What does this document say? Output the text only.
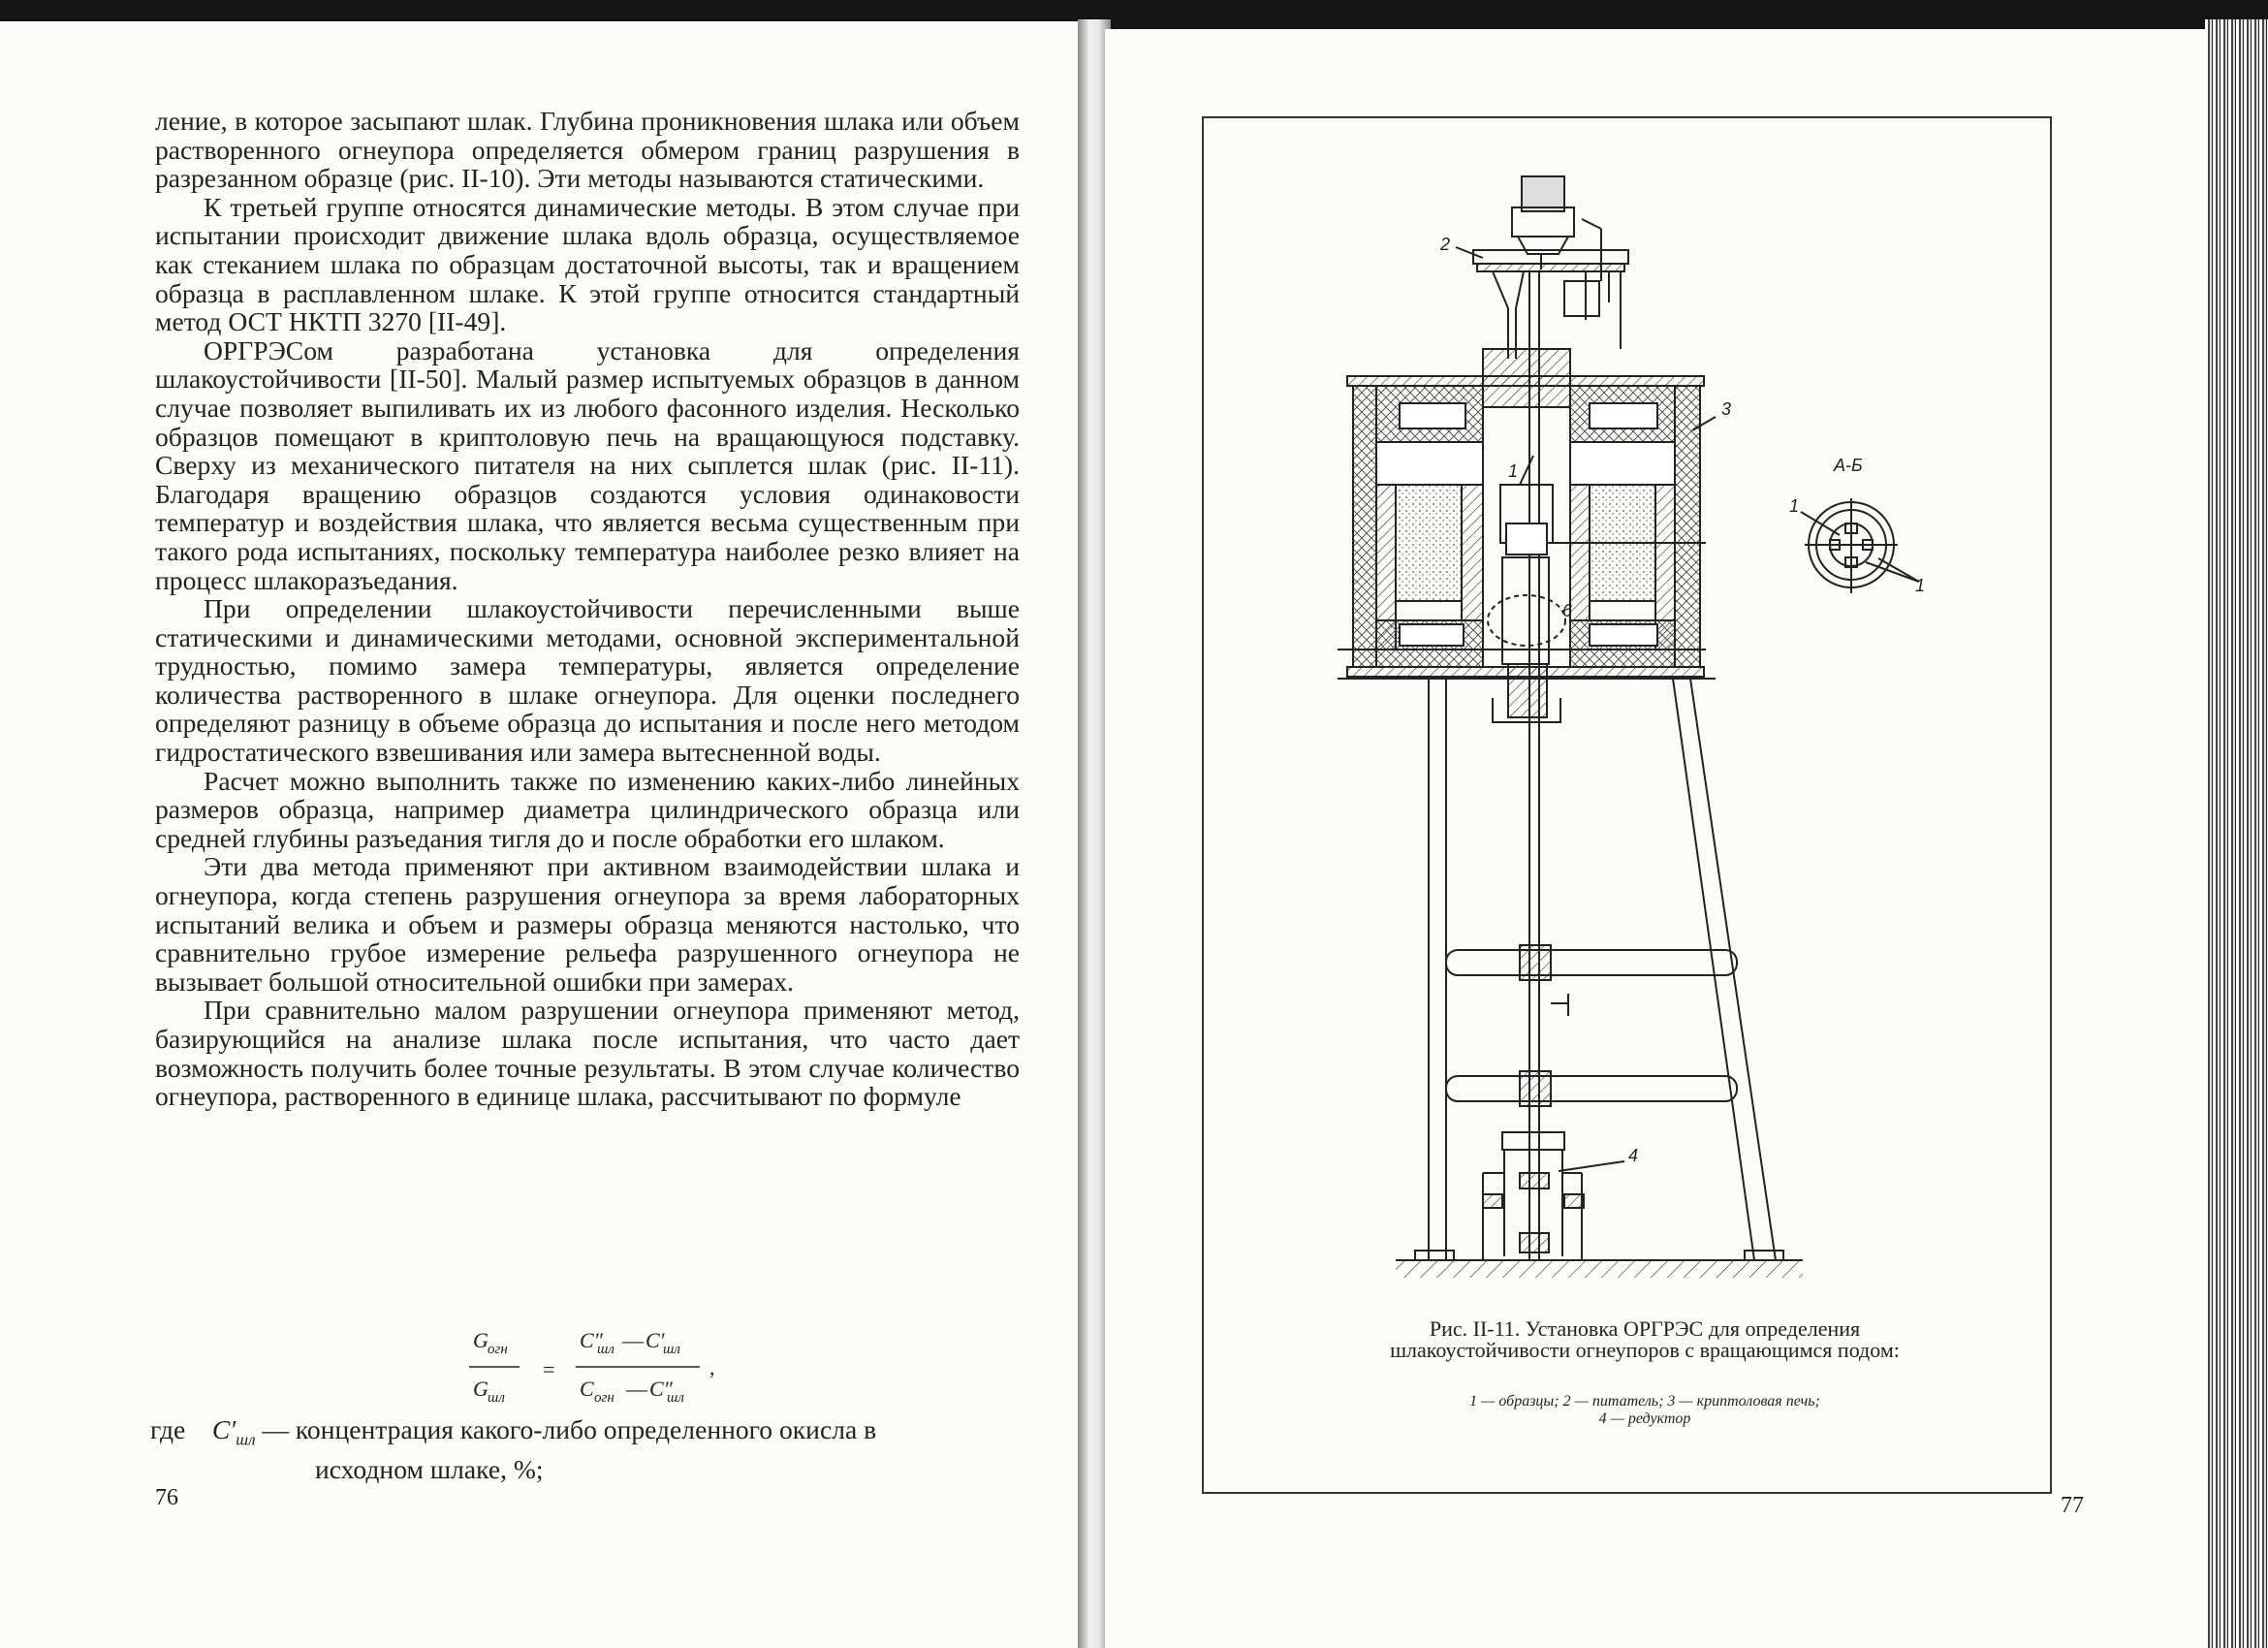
ление, в которое засыпают шлак. Глубина проникновения шлака или объем растворенного огнеупора определяется обмером границ разрушения в разрезанном образце (рис. II-10). Эти методы называются статическими.

К третьей группе относятся динамические методы. В этом случае при испытании происходит движение шлака вдоль образца, осуществляемое как стеканием шлака по образцам достаточной высоты, так и вращением образца в расплавленном шлаке. К этой группе относится стандартный метод ОСТ НКТП 3270 [II-49].

ОРГРЭСом разработана установка для определения шлакоустойчивости [II-50]. Малый размер испытуемых образцов в данном случае позволяет выпиливать их из любого фасонного изделия. Несколько образцов помещают в криптоловую печь на вращающуюся подставку. Сверху из механического питателя на них сыплется шлак (рис. II-11). Благодаря вращению образцов создаются условия одинаковости температур и воздействия шлака, что является весьма существенным при такого рода испытаниях, поскольку температура наиболее резко влияет на процесс шлакоразъедания.

При определении шлакоустойчивости перечисленными выше статическими и динамическими методами, основной экспериментальной трудностью, помимо замера температуры, является определение количества растворенного в шлаке огнеупора. Для оценки последнего определяют разницу в объеме образца до испытания и после него методом гидростатического взвешивания или замера вытесненной воды.

Расчет можно выполнить также по изменению каких-либо линейных размеров образца, например диаметра цилиндрического образца или средней глубины разъедания тигля до и после обработки его шлаком.

Эти два метода применяют при активном взаимодействии шлака и огнеупора, когда степень разрушения огнеупора за время лабораторных испытаний велика и объем и размеры образца меняются настолько, что сравнительно грубое измерение рельефа разрушенного огнеупора не вызывает большой относительной ошибки при замерах.

При сравнительно малом разрушении огнеупора применяют метод, базирующийся на анализе шлака после испытания, что часто дает возможность получить более точные результаты. В этом случае количество огнеупора, растворенного в единице шлака, рассчитывают по формуле

G огн
G шл
=
C″
шл — C′
шл
C огн — C″
шл
,
где $C'_{шл}$ — концентрация какого-либо определенного окисла в
исходном шлаке, %;
76
2
3
1
6
4
А-Б
1
1
Рис. II-11. Установка ОРГРЭС для определения шлакоустойчивости огнеупоров с вращающимся подом:
1 — образцы; 2 — питатель; 3 — криптоловая печь;
4 — редуктор
77
